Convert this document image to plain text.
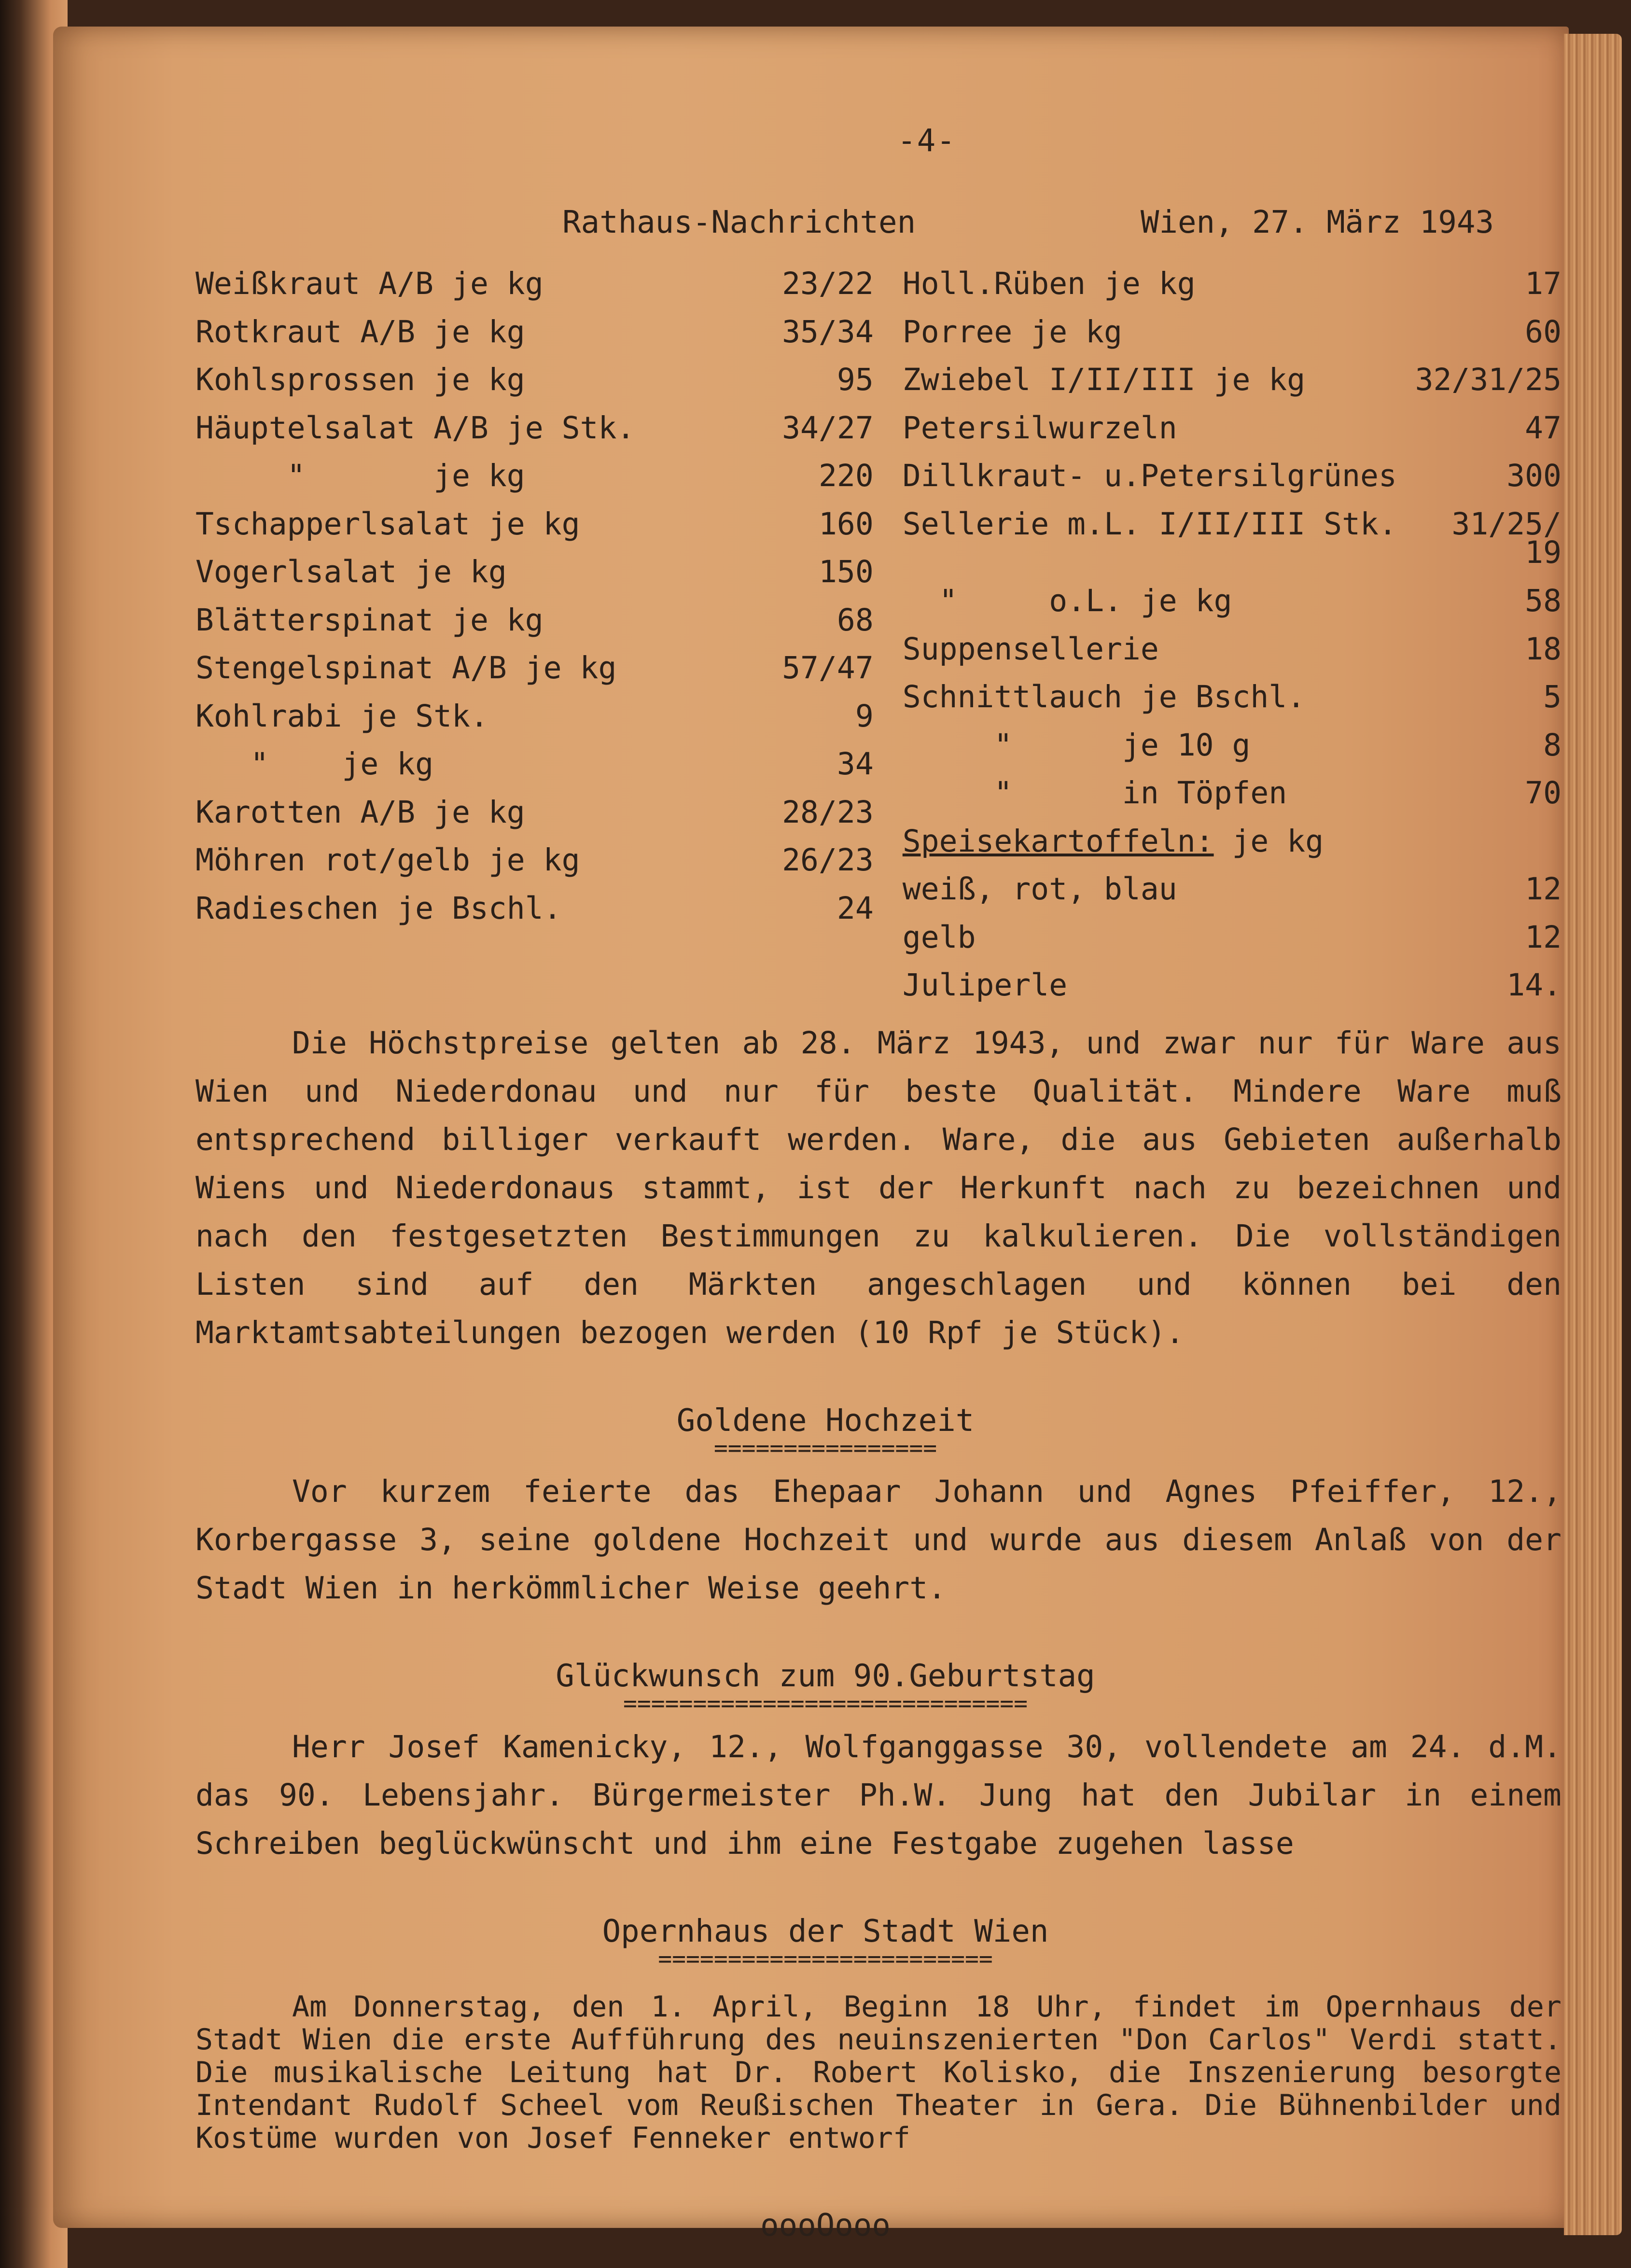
-4-
Rathaus-Nachrichten	Wien, 27. März 1943
Weißkraut A/B je kg	23/22
Rotkraut A/B je kg	35/34
Kohlsprossen je kg	95
Häuptelsalat A/B je Stk.	34/27
"       je kg	220
Tschapperlsalat je kg	160
Vogerlsalat je kg	150
Blätterspinat je kg	68
Stengelspinat A/B je kg	57/47
Kohlrabi je Stk.	9
"    je kg	34
Karotten A/B je kg	28/23
Möhren rot/gelb je kg	26/23
Radieschen je Bschl.	24
Holl.Rüben je kg	17
Porree je kg	60
Zwiebel I/II/III je kg	32/31/25
Petersilwurzeln	47
Dillkraut- u.Petersilgrünes	300
Sellerie m.L. I/II/III Stk. 31/25/
19
"     o.L. je kg	58
Suppensellerie	18
Schnittlauch je Bschl.	5
"      je 10 g	8
"      in Töpfen	70
Speisekartoffeln: je kg
weiß, rot, blau	12
gelb	12
Juliperle	14.

Die Höchstpreise gelten ab 28. März 1943, und zwar nur für Ware aus Wien und Niederdonau und nur für beste Qualität. Mindere Ware muß entsprechend billiger verkauft werden. Ware, die aus Gebieten außerhalb Wiens und Niederdonaus stammt, ist der Herkunft nach zu bezeichnen und nach den festgesetzten Bestimmungen zu kalkulieren. Die vollständigen Listen sind auf den Märkten angeschlagen und können bei den Marktamtsabteilungen bezogen werden (10 Rpf je Stück).

Goldene Hochzeit
================

Vor kurzem feierte das Ehepaar Johann und Agnes Pfeiffer, 12., Korbergasse 3, seine goldene Hochzeit und wurde aus diesem Anlaß von der Stadt Wien in herkömmlicher Weise geehrt.

Glückwunsch zum 90.Geburtstag
=============================

Herr Josef Kamenicky, 12., Wolfganggasse 30, vollendete am 24. d.M. das 90. Lebensjahr. Bürgermeister Ph.W. Jung hat den Jubilar in einem Schreiben beglückwünscht und ihm eine Festgabe zugehen lasse

Opernhaus der Stadt Wien
========================

Am Donnerstag, den 1. April, Beginn 18 Uhr, findet im Opernhaus der Stadt Wien die erste Aufführung des neuinszenierten "Don Carlos" Verdi statt. Die musikalische Leitung hat Dr. Robert Kolisko, die Inszenierung besorgte Intendant Rudolf Scheel vom Reußischen Theater in Gera. Die Bühnenbilder und Kostüme wurden von Josef Fenneker entworf

oooOooo
